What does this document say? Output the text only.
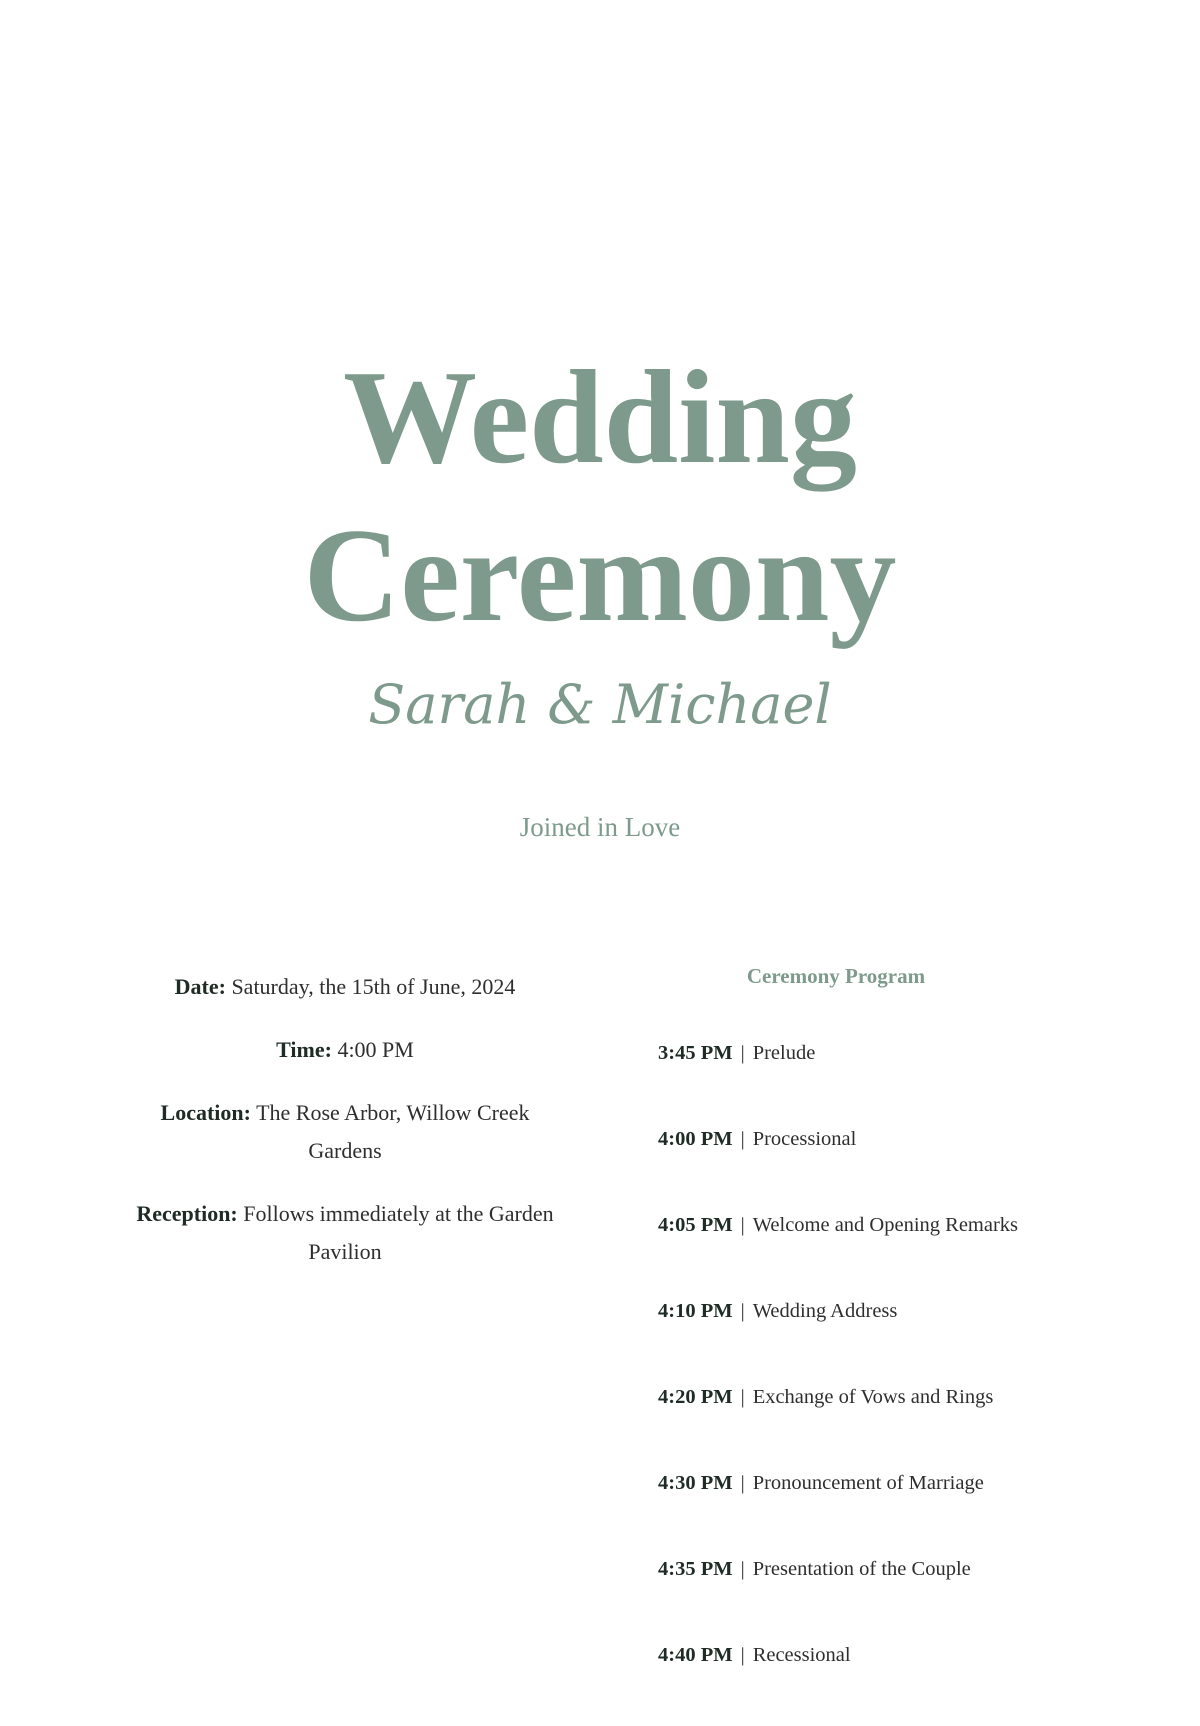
Wedding
Ceremony
Sarah & Michael
Joined in Love

Date: Saturday, the 15th of June, 2024

Time: 4:00 PM

Location: The Rose Arbor, Willow Creek Gardens

Reception: Follows immediately at the Garden Pavilion

Ceremony Program
3:45 PM | Prelude
4:00 PM | Processional
4:05 PM | Welcome and Opening Remarks
4:10 PM | Wedding Address
4:20 PM | Exchange of Vows and Rings
4:30 PM | Pronouncement of Marriage
4:35 PM | Presentation of the Couple
4:40 PM | Recessional
